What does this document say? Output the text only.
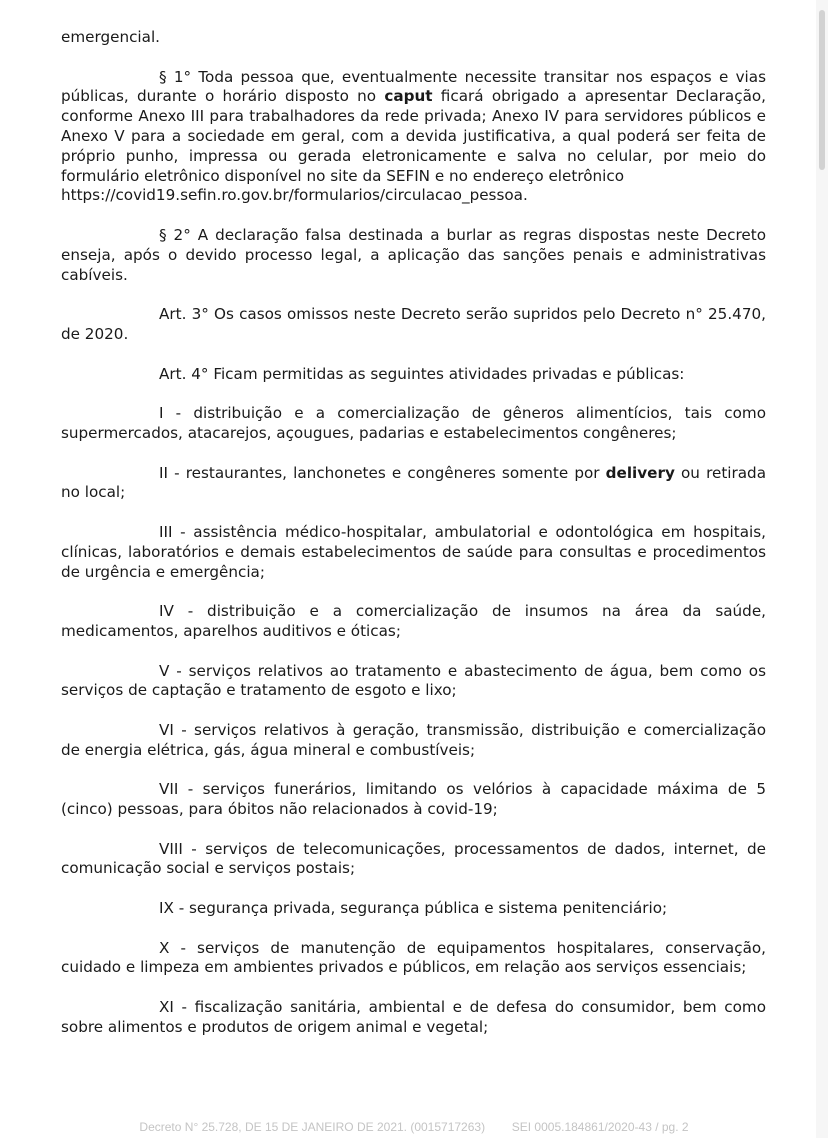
emergencial.

§ 1° Toda pessoa que, eventualmente necessite transitar nos espaços e vias públicas, durante o horário disposto no caput ficará obrigado a apresentar Declaração, conforme Anexo III para trabalhadores da rede privada; Anexo IV para servidores públicos e Anexo V para a sociedade em geral, com a devida justificativa, a qual poderá ser feita de próprio punho, impressa ou gerada eletronicamente e salva no celular, por meio do formulário eletrônico disponível no site da SEFIN e no endereço eletrônico
https://covid19.sefin.ro.gov.br/formularios/circulacao_pessoa.

§ 2° A declaração falsa destinada a burlar as regras dispostas neste Decreto enseja, após o devido processo legal, a aplicação das sanções penais e administrativas cabíveis.

Art. 3° Os casos omissos neste Decreto serão supridos pelo Decreto n° 25.470, de 2020.

Art. 4° Ficam permitidas as seguintes atividades privadas e públicas:

I - distribuição e a comercialização de gêneros alimentícios, tais como supermercados, atacarejos, açougues, padarias e estabelecimentos congêneres;

II - restaurantes, lanchonetes e congêneres somente por delivery ou retirada no local;

III - assistência médico-hospitalar, ambulatorial e odontológica em hospitais, clínicas, laboratórios e demais estabelecimentos de saúde para consultas e procedimentos de urgência e emergência;

IV - distribuição e a comercialização de insumos na área da saúde, medicamentos, aparelhos auditivos e óticas;

V - serviços relativos ao tratamento e abastecimento de água, bem como os serviços de captação e tratamento de esgoto e lixo;

VI - serviços relativos à geração, transmissão, distribuição e comercialização de energia elétrica, gás, água mineral e combustíveis;

VII - serviços funerários, limitando os velórios à capacidade máxima de 5 (cinco) pessoas, para óbitos não relacionados à covid-19;

VIII - serviços de telecomunicações, processamentos de dados, internet, de comunicação social e serviços postais;

IX - segurança privada, segurança pública e sistema penitenciário;

X - serviços de manutenção de equipamentos hospitalares, conservação, cuidado e limpeza em ambientes privados e públicos, em relação aos serviços essenciais;

XI - fiscalização sanitária, ambiental e de defesa do consumidor, bem como sobre alimentos e produtos de origem animal e vegetal;

Decreto N° 25.728, DE 15 DE JANEIRO DE 2021. (0015717263) SEI 0005.184861/2020-43 / pg. 2
